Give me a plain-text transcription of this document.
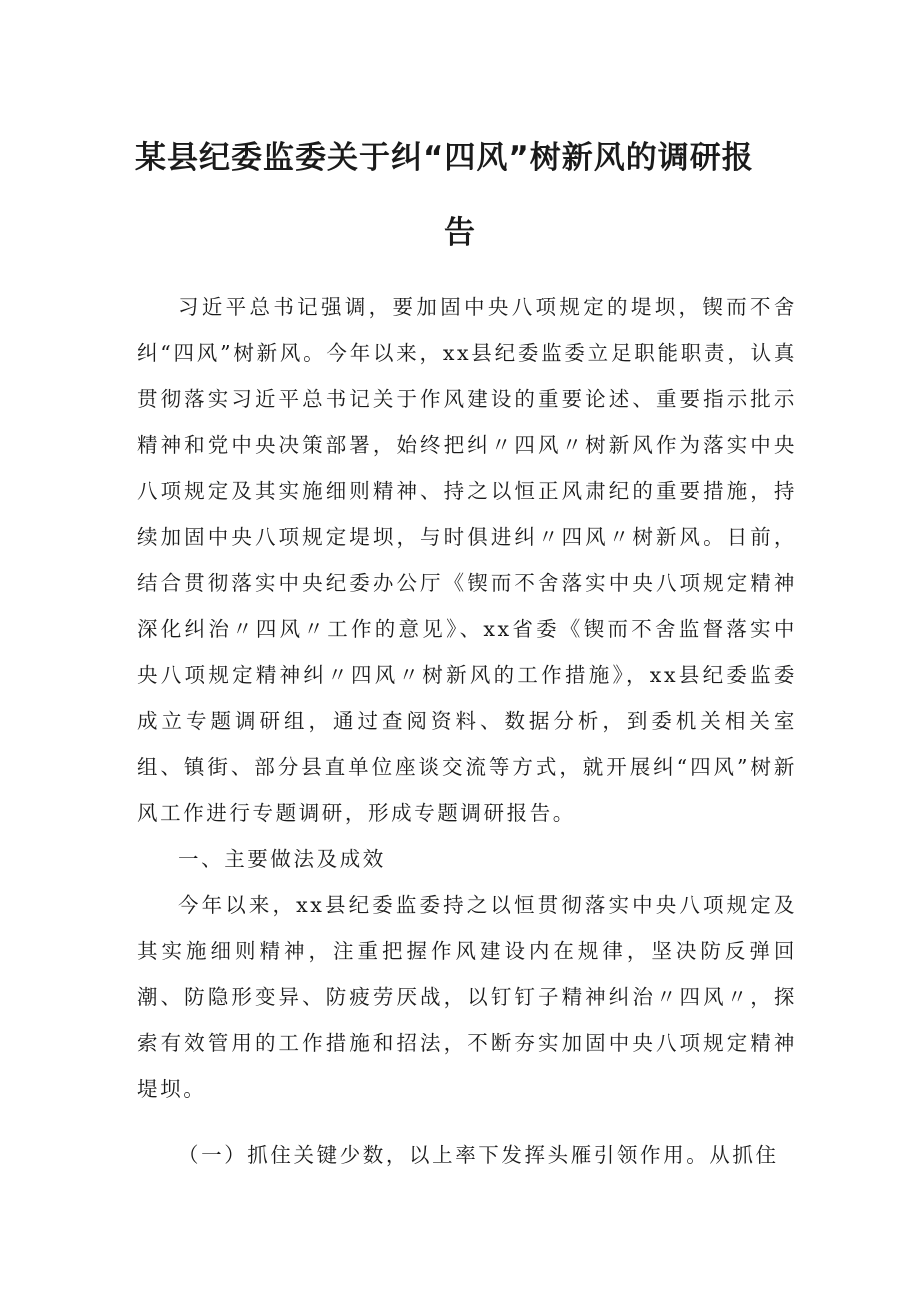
某县纪委监委关于纠“四风”树新风的调研报
告

习近平总书记强调，要加固中央八项规定的堤坝，锲而不舍纠“四风”树新风。今年以来，xx县纪委监委立足职能职责，认真贯彻落实习近平总书记关于作风建设的重要论述、重要指示批示精神和党中央决策部署，始终把纠〃四风〃树新风作为落实中央八项规定及其实施细则精神、持之以恒正风肃纪的重要措施，持续加固中央八项规定堤坝，与时俱进纠〃四风〃树新风。日前，结合贯彻落实中央纪委办公厅《锲而不舍落实中央八项规定精神深化纠治〃四风〃工作的意见》、xx省委《锲而不舍监督落实中央八项规定精神纠〃四风〃树新风的工作措施》，xx县纪委监委成立专题调研组，通过查阅资料、数据分析，到委机关相关室组、镇街、部分县直单位座谈交流等方式，就开展纠“四风”树新风工作进行专题调研，形成专题调研报告。

一、主要做法及成效

今年以来，xx县纪委监委持之以恒贯彻落实中央八项规定及其实施细则精神，注重把握作风建设内在规律，坚决防反弹回潮、防隐形变异、防疲劳厌战，以钉钉子精神纠治〃四风〃，探索有效管用的工作措施和招法，不断夯实加固中央八项规定精神堤坝。

（一）抓住关键少数，以上率下发挥头雁引领作用。从抓住
